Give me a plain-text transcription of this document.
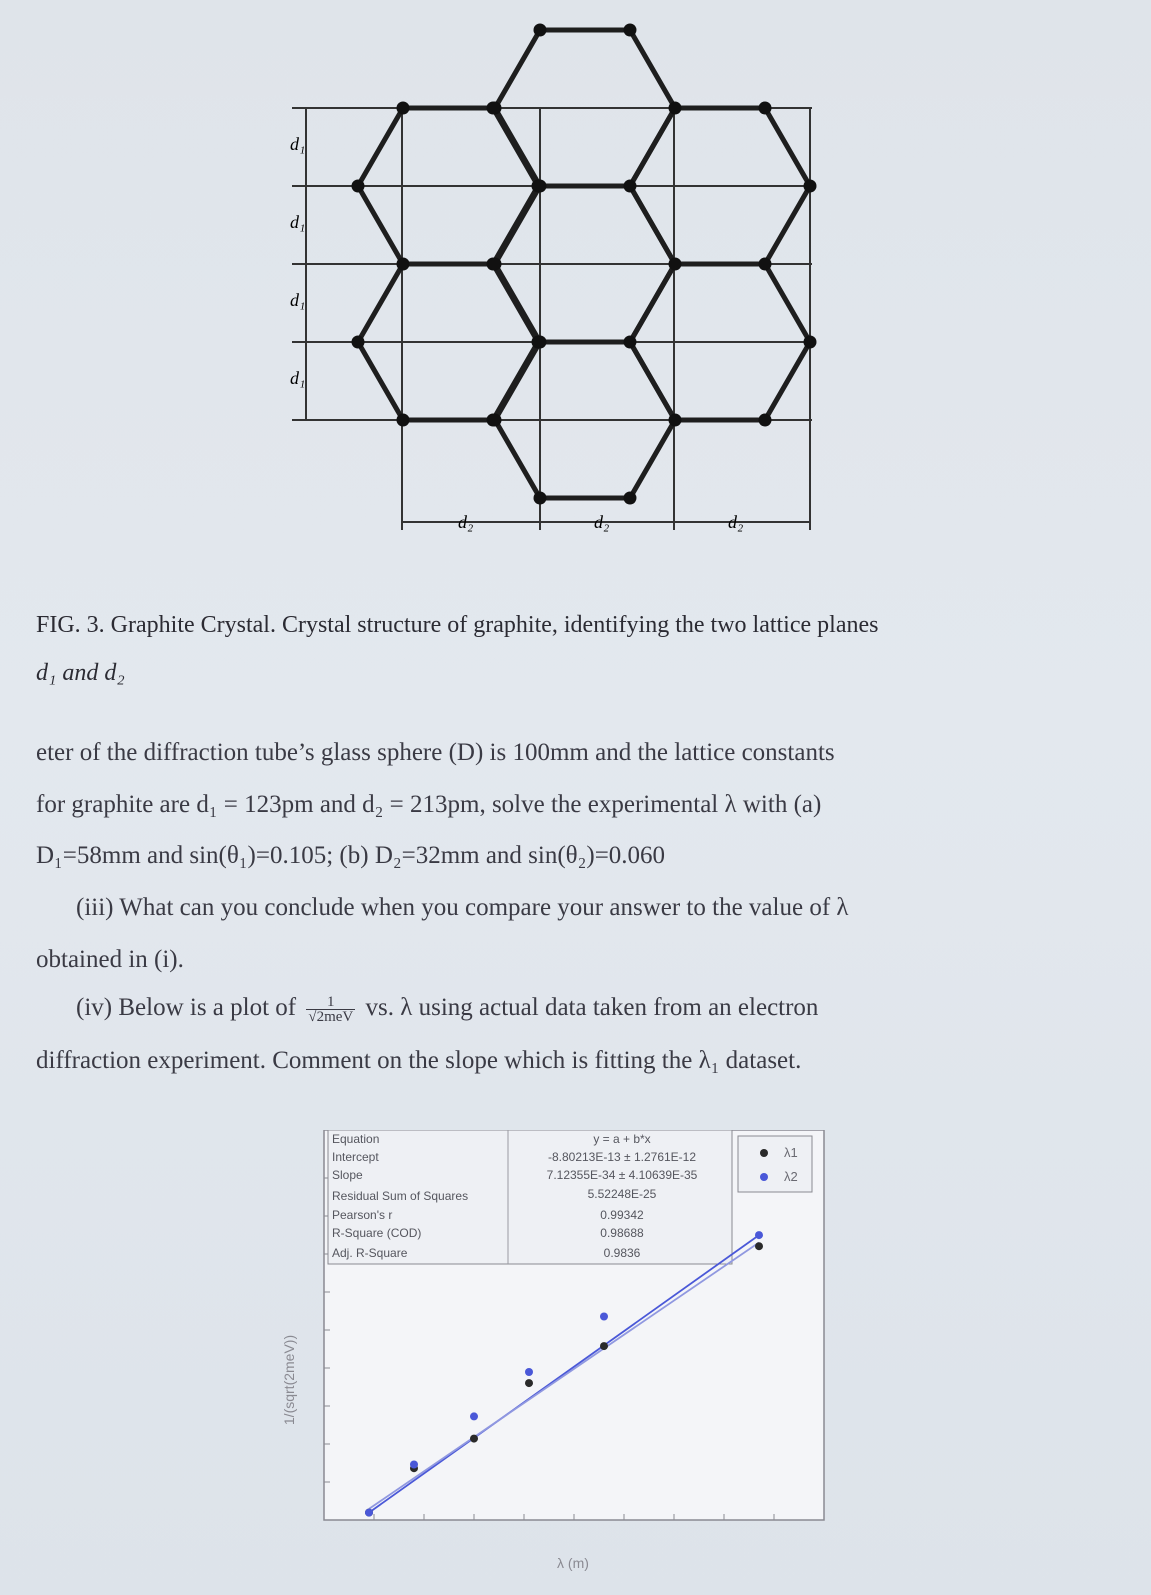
d₁
d₁
d₁
d₁
d₂	d₂	d₂
FIG. 3. Graphite Crystal. Crystal structure of graphite, identifying the two lattice planes
d₁ and d₂
eter of the diffraction tube’s glass sphere (D) is 100mm and the lattice constants
for graphite are d₁ = 123pm and d₂ = 213pm, solve the experimental λ with (a)
D₁=58mm and sin(θ₁)=0.105; (b) D₂=32mm and sin(θ₂)=0.060
(iii) What can you conclude when you compare your answer to the value of λ
obtained in (i).
(iv) Below is a plot of $\frac{1}{\text{√2meV}}$ vs. λ using actual data taken from an electron
diffraction experiment. Comment on the slope which is fitting the λ₁ dataset.
Equation	y = a + b*x
Intercept	-8.80213E-13 ± 1.2761E-12
Slope	7.12355E-34 ± 4.10639E-35
Residual Sum of Squares	5.52248E-25
Pearson's r	0.99342
R-Square (COD)	0.98688
Adj. R-Square	0.9836
λ1
λ2
λ (m)
1/(sqrt(2meV))
